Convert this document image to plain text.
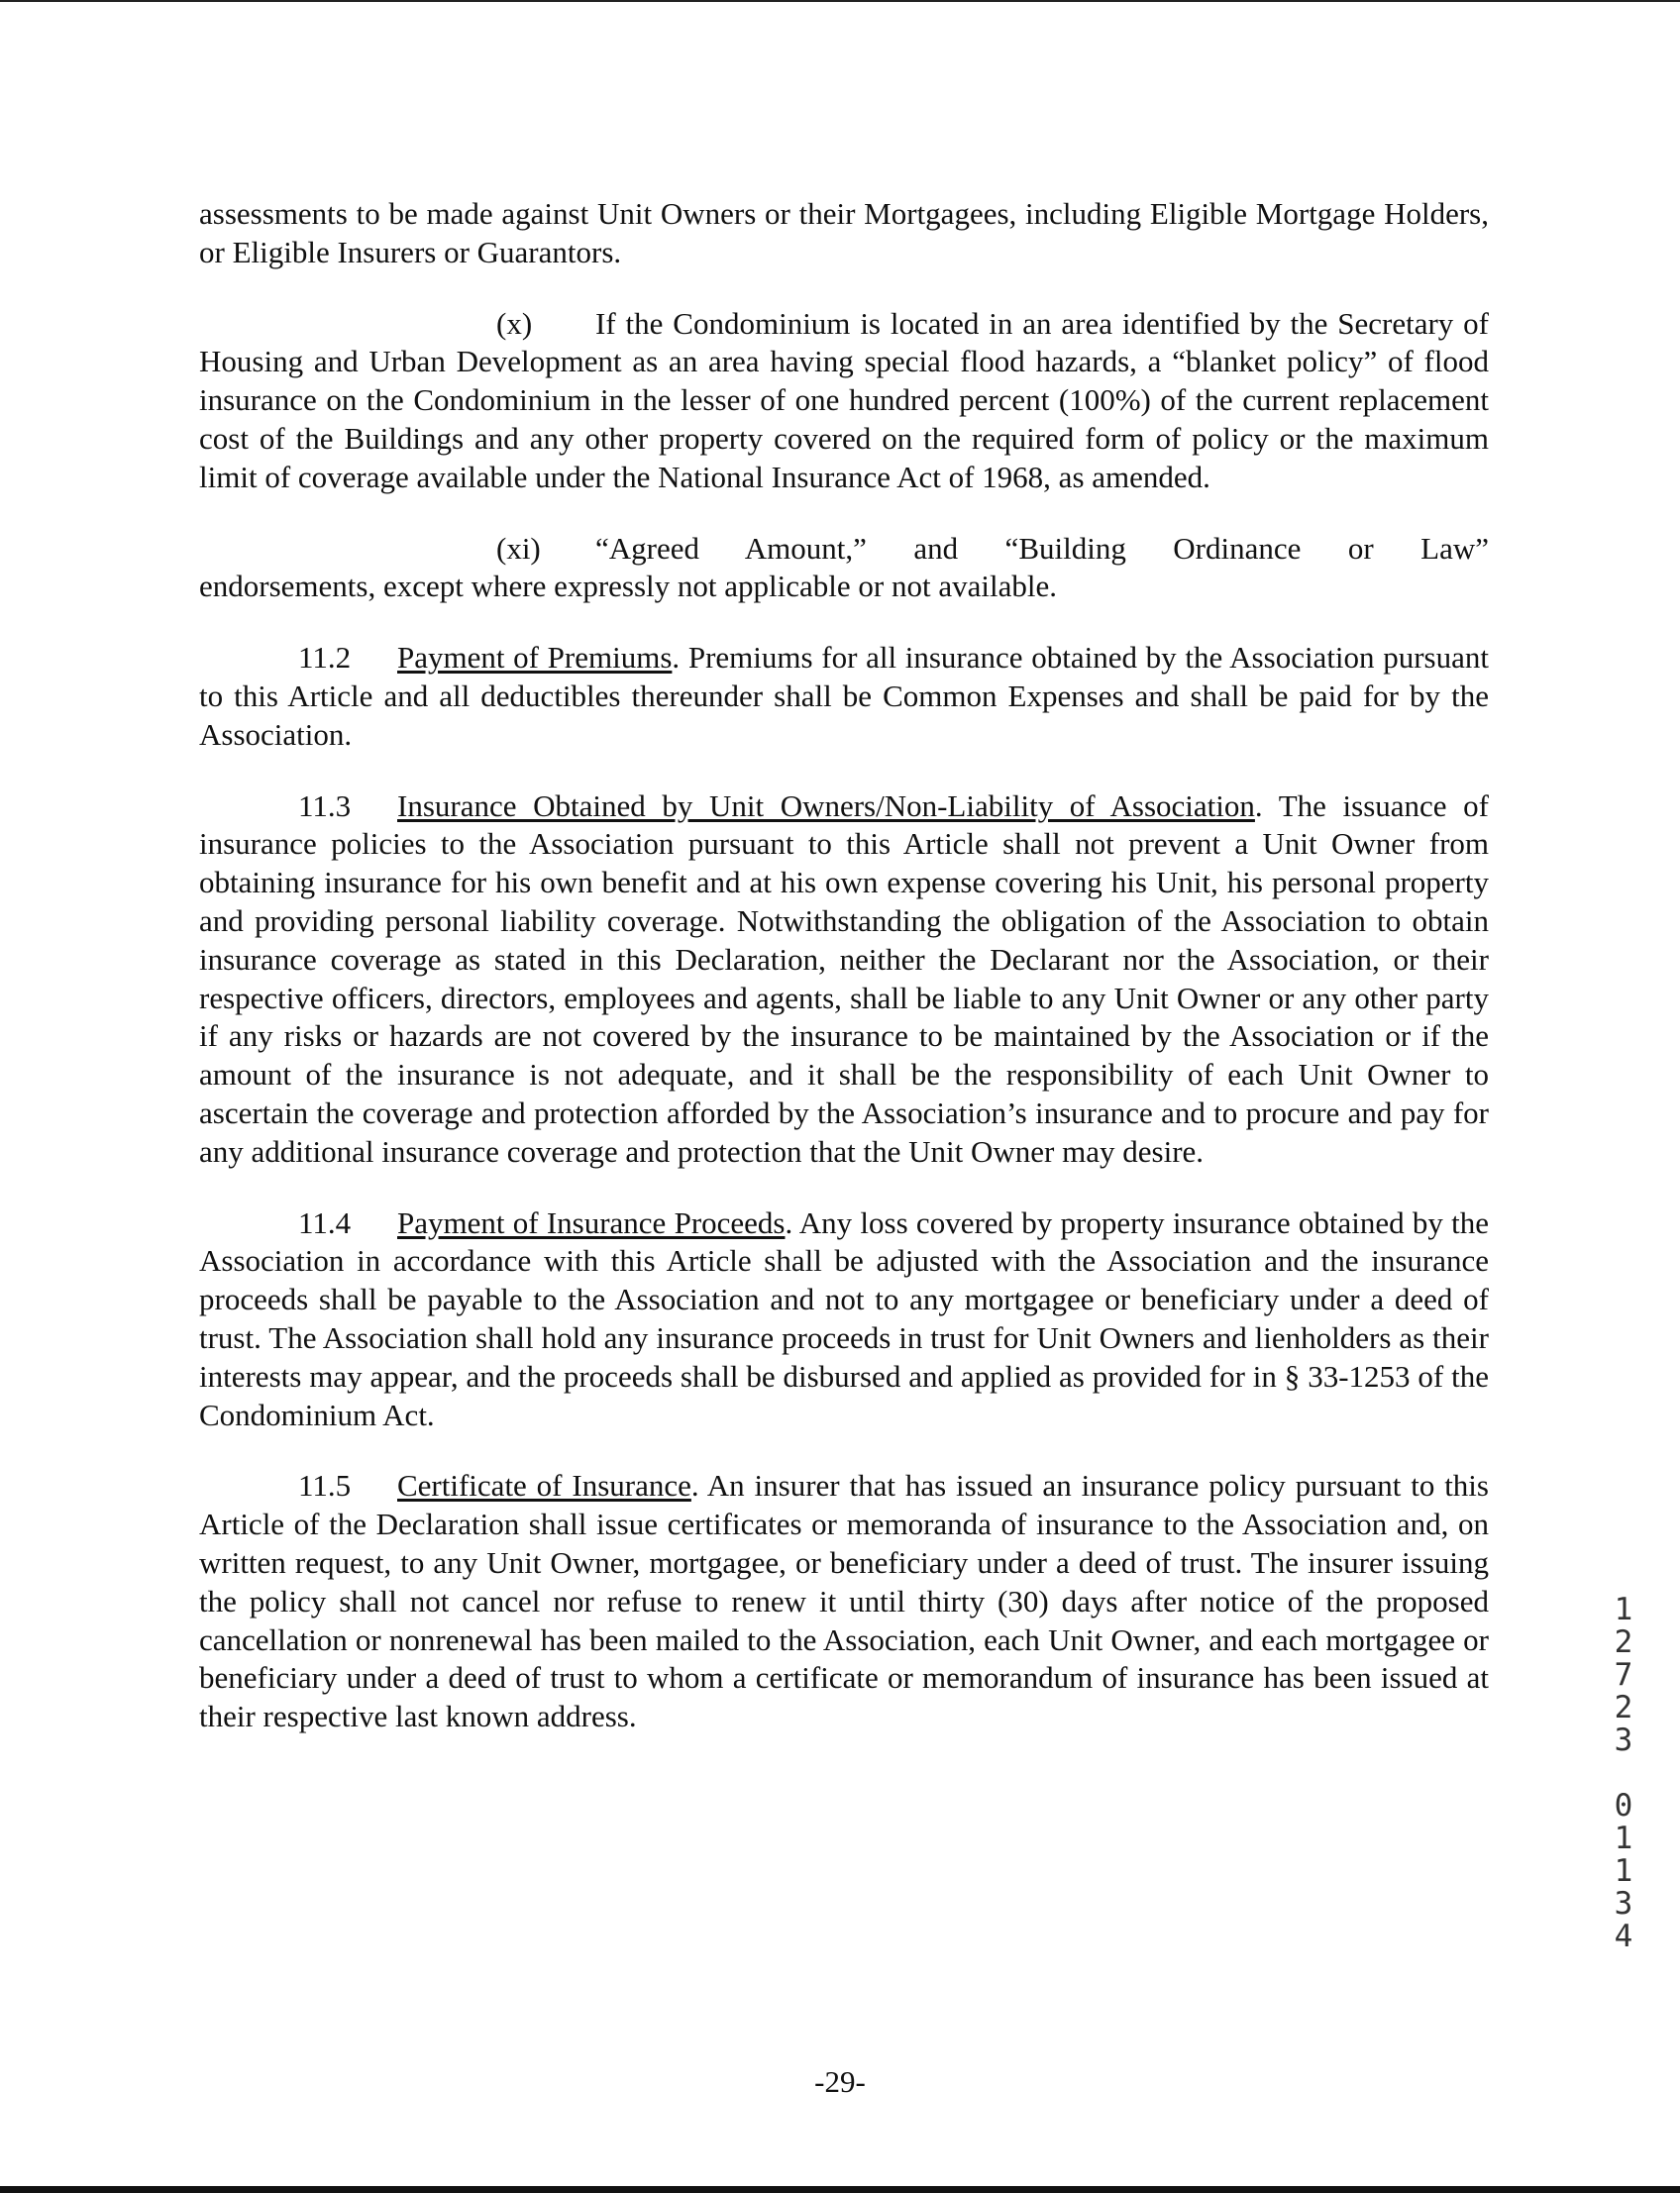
assessments to be made against Unit Owners or their Mortgagees, including Eligible Mortgage Holders, or Eligible Insurers or Guarantors.

(x) If the Condominium is located in an area identified by the Secretary of Housing and Urban Development as an area having special flood hazards, a “blanket policy” of flood insurance on the Condominium in the lesser of one hundred percent (100%) of the current replacement cost of the Buildings and any other property covered on the required form of policy or the maximum limit of coverage available under the National Insurance Act of 1968, as amended.

(xi) “Agreed Amount,” and “Building Ordinance or Law”

endorsements, except where expressly not applicable or not available.

11.2 Payment of Premiums. Premiums for all insurance obtained by the Association pursuant to this Article and all deductibles thereunder shall be Common Expenses and shall be paid for by the Association.

11.3 Insurance Obtained by Unit Owners/Non-Liability of Association. The issuance of insurance policies to the Association pursuant to this Article shall not prevent a Unit Owner from obtaining insurance for his own benefit and at his own expense covering his Unit, his personal property and providing personal liability coverage. Notwithstanding the obligation of the Association to obtain insurance coverage as stated in this Declaration, neither the Declarant nor the Association, or their respective officers, directors, employees and agents, shall be liable to any Unit Owner or any other party if any risks or hazards are not covered by the insurance to be maintained by the Association or if the amount of the insurance is not adequate, and it shall be the responsibility of each Unit Owner to ascertain the coverage and protection afforded by the Association’s insurance and to procure and pay for any additional insurance coverage and protection that the Unit Owner may desire.

11.4 Payment of Insurance Proceeds. Any loss covered by property insurance obtained by the Association in accordance with this Article shall be adjusted with the Association and the insurance proceeds shall be payable to the Association and not to any mortgagee or beneficiary under a deed of trust. The Association shall hold any insurance proceeds in trust for Unit Owners and lienholders as their interests may appear, and the proceeds shall be disbursed and applied as provided for in § 33-1253 of the Condominium Act.

11.5 Certificate of Insurance. An insurer that has issued an insurance policy pursuant to this Article of the Declaration shall issue certificates or memoranda of insurance to the Association and, on written request, to any Unit Owner, mortgagee, or beneficiary under a deed of trust. The insurer issuing the policy shall not cancel nor refuse to renew it until thirty (30) days after notice of the proposed cancellation or nonrenewal has been mailed to the Association, each Unit Owner, and each mortgagee or beneficiary under a deed of trust to whom a certificate or memorandum of insurance has been issued at their respective last known address.	12723 01134
-29-
